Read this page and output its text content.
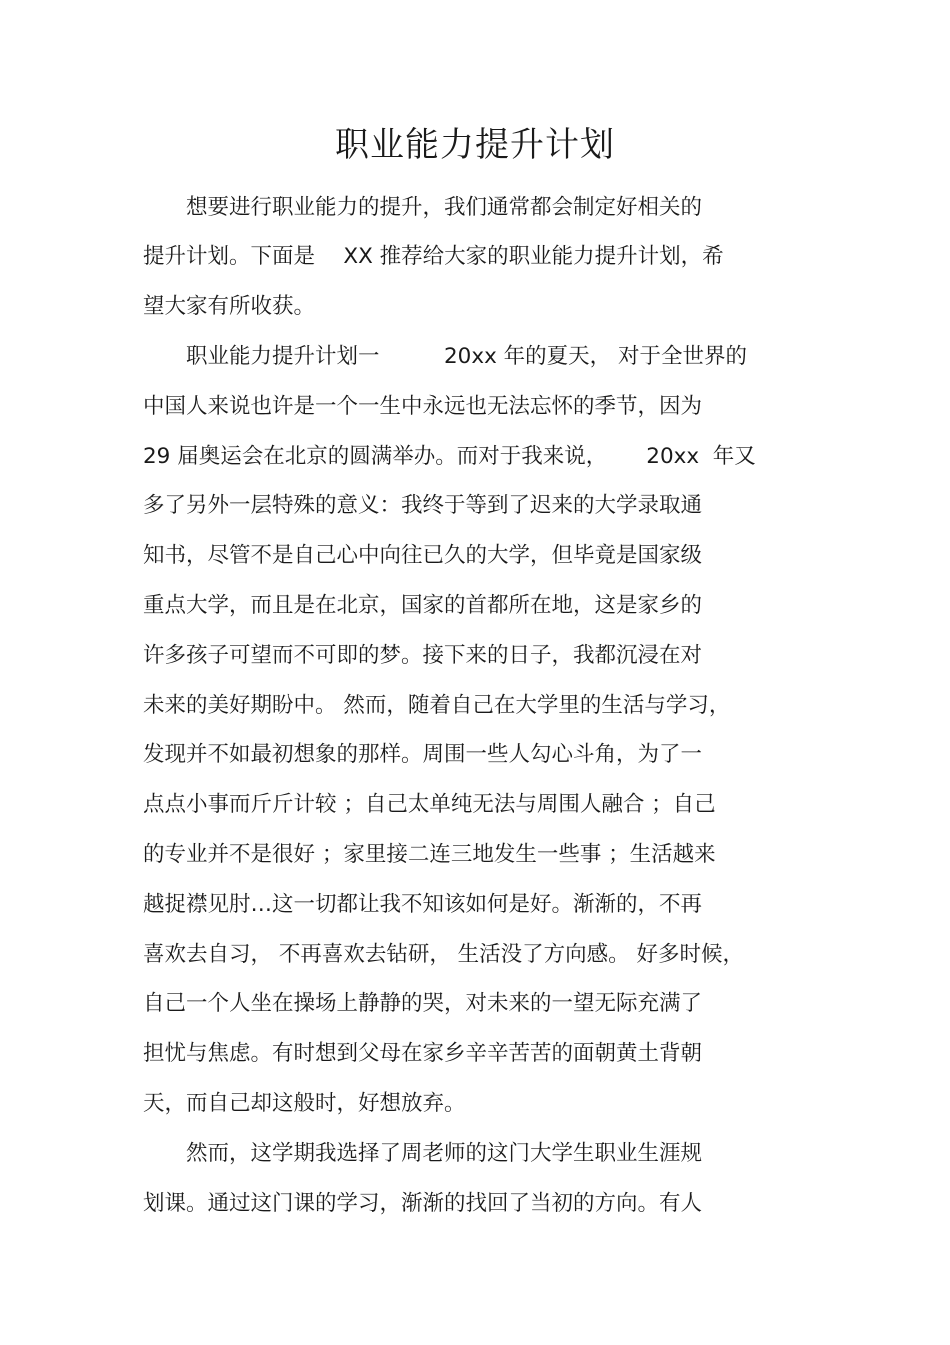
职业能力提升计划
　　想要进行职业能力的提升，我们通常都会制定好相关的
提升计划。下面是　 XX 推荐给大家的职业能力提升计划，希
望大家有所收获。
　　职业能力提升计划一　　　20xx 年的夏天， 对于全世界的
中国人来说也许是一个一生中永远也无法忘怀的季节，因为
29 届奥运会在北京的圆满举办。而对于我来说，　　 20xx  年又
多了另外一层特殊的意义：我终于等到了迟来的大学录取通
知书，尽管不是自己心中向往已久的大学，但毕竟是国家级
重点大学，而且是在北京，国家的首都所在地，这是家乡的
许多孩子可望而不可即的梦。接下来的日子，我都沉浸在对
未来的美好期盼中。 然而，随着自己在大学里的生活与学习，
发现并不如最初想象的那样。周围一些人勾心斗角，为了一
点点小事而斤斤计较 ；自己太单纯无法与周围人融合 ；自己
的专业并不是很好 ；家里接二连三地发生一些事 ；生活越来
越捉襟见肘…这一切都让我不知该如何是好。渐渐的，不再
喜欢去自习， 不再喜欢去钻研， 生活没了方向感。 好多时候，
自己一个人坐在操场上静静的哭，对未来的一望无际充满了
担忧与焦虑。有时想到父母在家乡辛辛苦苦的面朝黄土背朝
天，而自己却这般时，好想放弃。
　　然而，这学期我选择了周老师的这门大学生职业生涯规
划课。通过这门课的学习，渐渐的找回了当初的方向。有人
